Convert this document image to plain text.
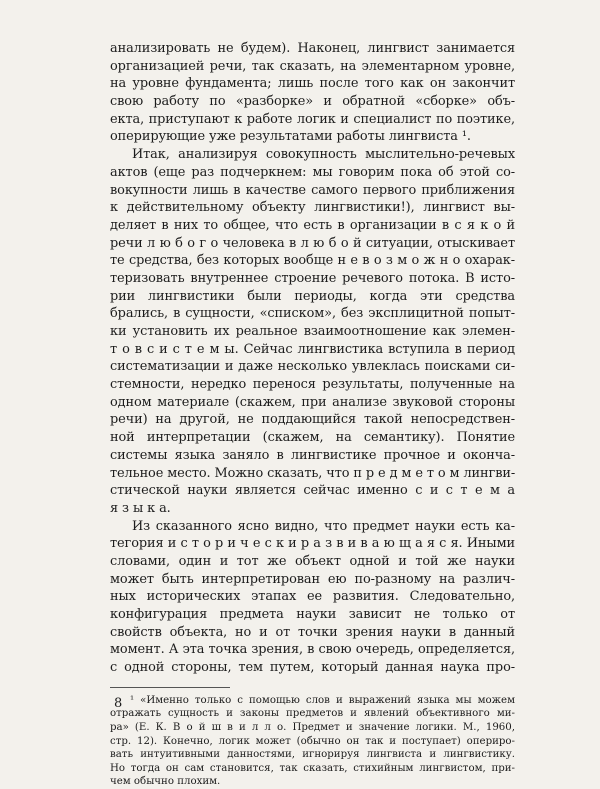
анализировать не будем). Наконец, лингвист занимается
организацией речи, так сказать, на элементарном уровне,
на уровне фундамента; лишь после того как он закончит
свою работу по «разборке» и обратной «сборке» объ-
екта, приступают к работе логик и специалист по поэтике,
оперирующие уже результатами работы лингвиста ¹.
Итак, анализируя совокупность мыслительно-речевых
актов (еще раз подчеркнем: мы говорим пока об этой со-
вокупности лишь в качестве самого первого приближения
к действительному объекту лингвистики!), лингвист вы-
деляет в них то общее, что есть в организации в с я к о й
речи л ю б о г о человека в л ю б о й ситуации, отыскивает
те средства, без которых вообще н е в о з м о ж н о охарак-
теризовать внутреннее строение речевого потока. В исто-
рии лингвистики были периоды, когда эти средства
брались, в сущности, «списком», без эксплицитной попыт-
ки установить их реальное взаимоотношение как элемен-
т о в с и с т е м ы. Сейчас лингвистика вступила в период
систематизации и даже несколько увлеклась поисками си-
стемности, нередко перенося результаты, полученные на
одном материале (скажем, при анализе звуковой стороны
речи) на другой, не поддающийся такой непосредствен-
ной интерпретации (скажем, на семантику). Понятие
системы языка заняло в лингвистике прочное и оконча-
тельное место. Можно сказать, что п р е д м е т о м лингви-
стической науки является сейчас именно с и с т е м а
я з ы к а.
Из сказанного ясно видно, что предмет науки есть ка-
тегория и с т о р и ч е с к и р а з в и в а ю щ а я с я. Иными
словами, один и тот же объект одной и той же науки
может быть интерпретирован ею по-разному на различ-
ных исторических этапах ее развития. Следовательно,
конфигурация предмета науки зависит не только от
свойств объекта, но и от точки зрения науки в данный
момент. А эта точка зрения, в свою очередь, определяется,
с одной стороны, тем путем, который данная наука про-
¹ «Именно только с помощью слов и выражений языка мы можем
отражать сущность и законы предметов и явлений объективного ми-
ра» (Е. К. В о й ш в и л л о. Предмет и значение логики. М., 1960,
стр. 12). Конечно, логик может (обычно он так и поступает) опериро-
вать интуитивными данностями, игнорируя лингвиста и лингвистику.
Но тогда он сам становится, так сказать, стихийным лингвистом, при-
чем обычно плохим.
8
